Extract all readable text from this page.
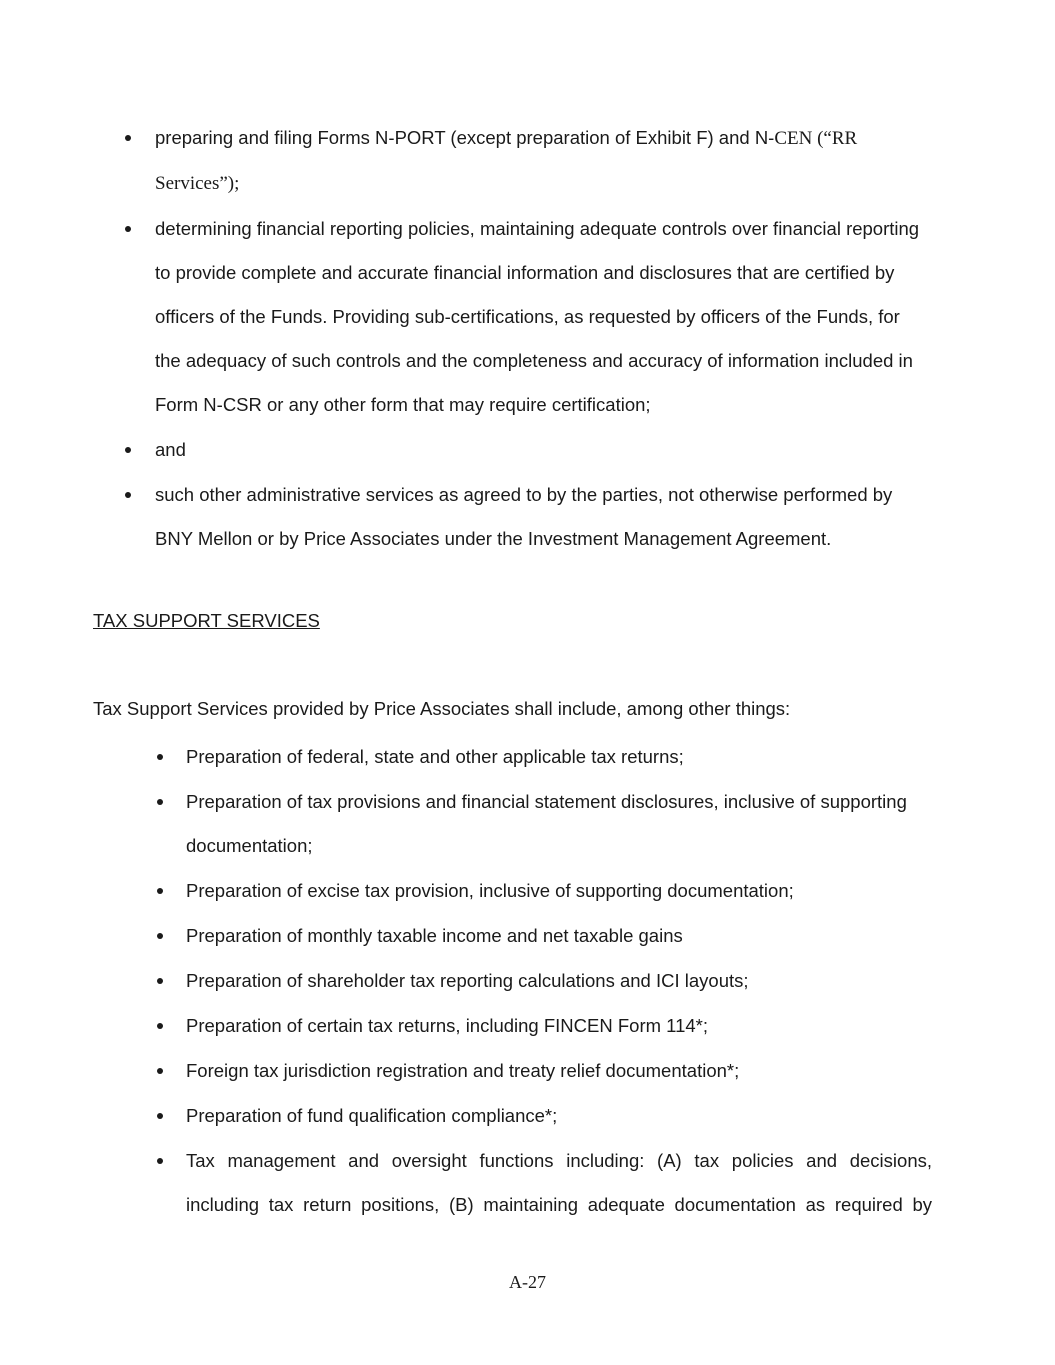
preparing and filing Forms N-PORT (except preparation of Exhibit F) and N-CEN (“RR Services”);
determining financial reporting policies, maintaining adequate controls over financial reporting to provide complete and accurate financial information and disclosures that are certified by officers of the Funds. Providing sub-certifications, as requested by officers of the Funds, for the adequacy of such controls and the completeness and accuracy of information included in Form N-CSR or any other form that may require certification;
and
such other administrative services as agreed to by the parties, not otherwise performed by BNY Mellon or by Price Associates under the Investment Management Agreement.
TAX SUPPORT SERVICES

Tax Support Services provided by Price Associates shall include, among other things:

Preparation of federal, state and other applicable tax returns;
Preparation of tax provisions and financial statement disclosures, inclusive of supporting documentation;
Preparation of excise tax provision, inclusive of supporting documentation;
Preparation of monthly taxable income and net taxable gains
Preparation of shareholder tax reporting calculations and ICI layouts;
Preparation of certain tax returns, including FINCEN Form 114*;
Foreign tax jurisdiction registration and treaty relief documentation*;
Preparation of fund qualification compliance*;
Tax management and oversight functions including: (A) tax policies and decisions, including tax return positions, (B) maintaining adequate documentation as required by

A-27
